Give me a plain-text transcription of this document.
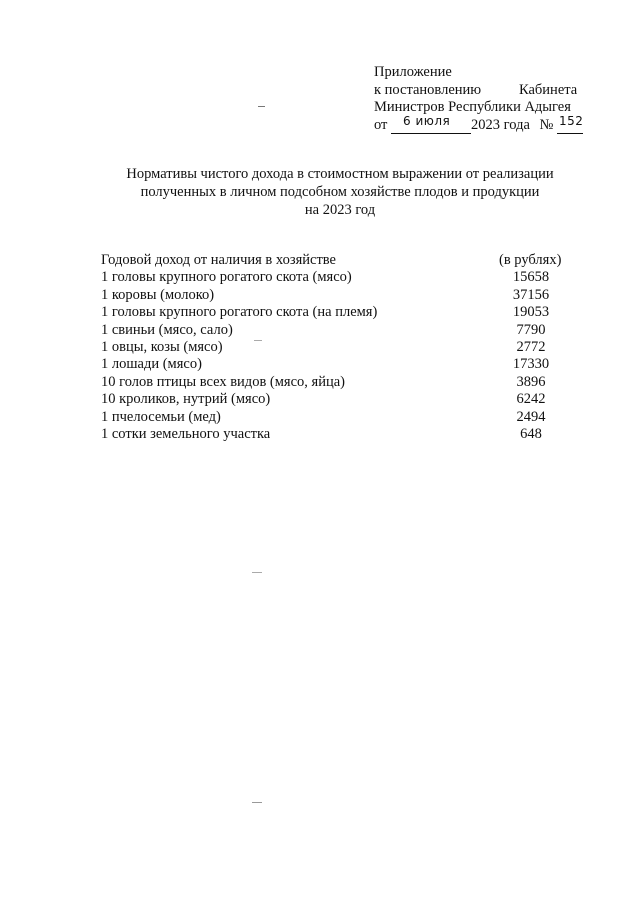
Приложение
к постановлению	Кабинета
Министров Республики Адыгея
от 6 июля 2023 года № 152
Нормативы чистого дохода в стоимостном выражении от реализации
полученных в личном подсобном хозяйстве плодов и продукции
на 2023 год
Годовой доход от наличия в хозяйстве	(в рублях)
1 головы крупного рогатого скота (мясо)	15658
1 коровы (молоко)	37156
1 головы крупного рогатого скота (на племя)	19053
1 свиньи (мясо, сало)	7790
1 овцы, козы (мясо)	2772
1 лошади (мясо)	17330
10 голов птицы всех видов (мясо, яйца)	3896
10 кроликов, нутрий (мясо)	6242
1 пчелосемьи (мед)	2494
1 сотки земельного участка	648
